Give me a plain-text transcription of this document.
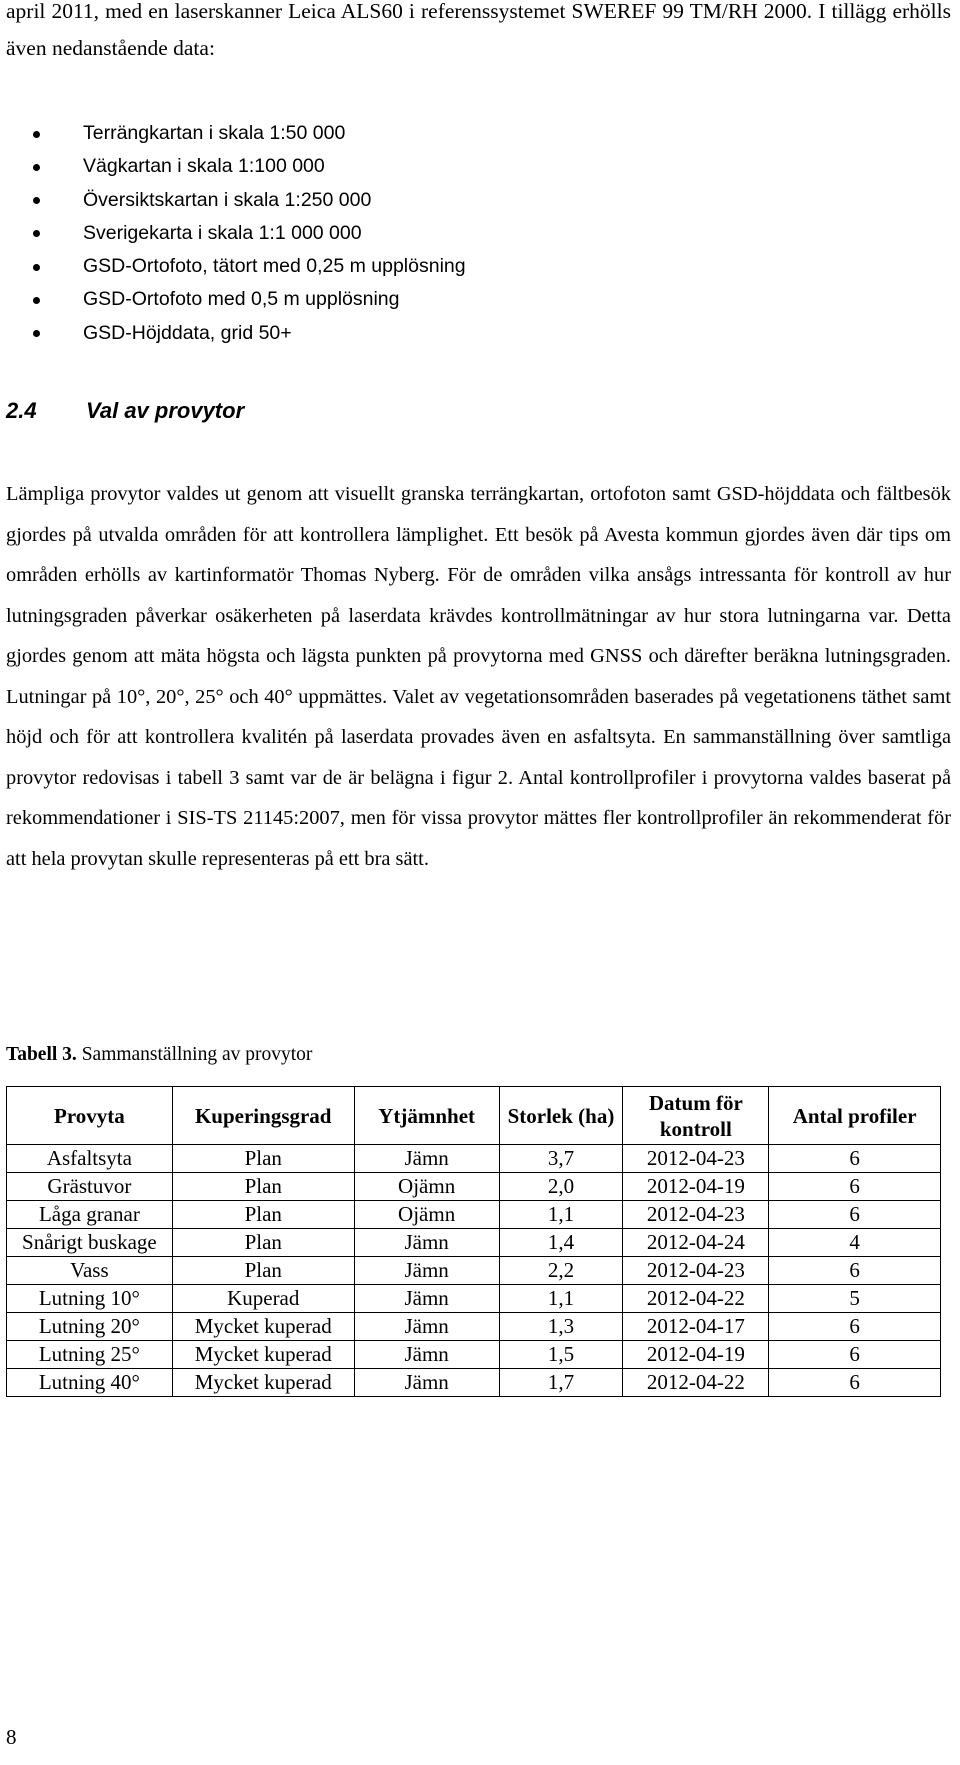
april 2011, med en laserskanner Leica ALS60 i referenssystemet SWEREF 99 TM/RH 2000. I tillägg erhölls även nedanstående data:

Terrängkartan i skala 1:50 000
Vägkartan i skala 1:100 000
Översiktskartan i skala 1:250 000
Sverigekarta i skala 1:1 000 000
GSD-Ortofoto, tätort med 0,25 m upplösning
GSD-Ortofoto med 0,5 m upplösning
GSD-Höjddata, grid 50+
2.4 Val av provytor

Lämpliga provytor valdes ut genom att visuellt granska terrängkartan, ortofoton samt GSD-höjddata och fältbesök gjordes på utvalda områden för att kontrollera lämplighet. Ett besök på Avesta kommun gjordes även där tips om områden erhölls av kartinformatör Thomas Nyberg. För de områden vilka ansågs intressanta för kontroll av hur lutningsgraden påverkar osäkerheten på laserdata krävdes kontrollmätningar av hur stora lutningarna var. Detta gjordes genom att mäta högsta och lägsta punkten på provytorna med GNSS och därefter beräkna lutningsgraden. Lutningar på 10°, 20°, 25° och 40° uppmättes. Valet av vegetationsområden baserades på vegetationens täthet samt höjd och för att kontrollera kvalitén på laserdata provades även en asfaltsyta. En sammanställning över samtliga provytor redovisas i tabell 3 samt var de är belägna i figur 2. Antal kontrollprofiler i provytorna valdes baserat på rekommendationer i SIS-TS 21145:2007, men för vissa provytor mättes fler kontrollprofiler än rekommenderat för att hela provytan skulle representeras på ett bra sätt.

Tabell 3. Sammanställning av provytor

Provyta	Kuperingsgrad	Ytjämnhet	Storlek (ha)	Datum för kontroll	Antal profiler
Asfaltsyta	Plan	Jämn	3,7	2012-04-23	6
Grästuvor	Plan	Ojämn	2,0	2012-04-19	6
Låga granar	Plan	Ojämn	1,1	2012-04-23	6
Snårigt buskage	Plan	Jämn	1,4	2012-04-24	4
Vass	Plan	Jämn	2,2	2012-04-23	6
Lutning 10°	Kuperad	Jämn	1,1	2012-04-22	5
Lutning 20°	Mycket kuperad	Jämn	1,3	2012-04-17	6
Lutning 25°	Mycket kuperad	Jämn	1,5	2012-04-19	6
Lutning 40°	Mycket kuperad	Jämn	1,7	2012-04-22	6
8
